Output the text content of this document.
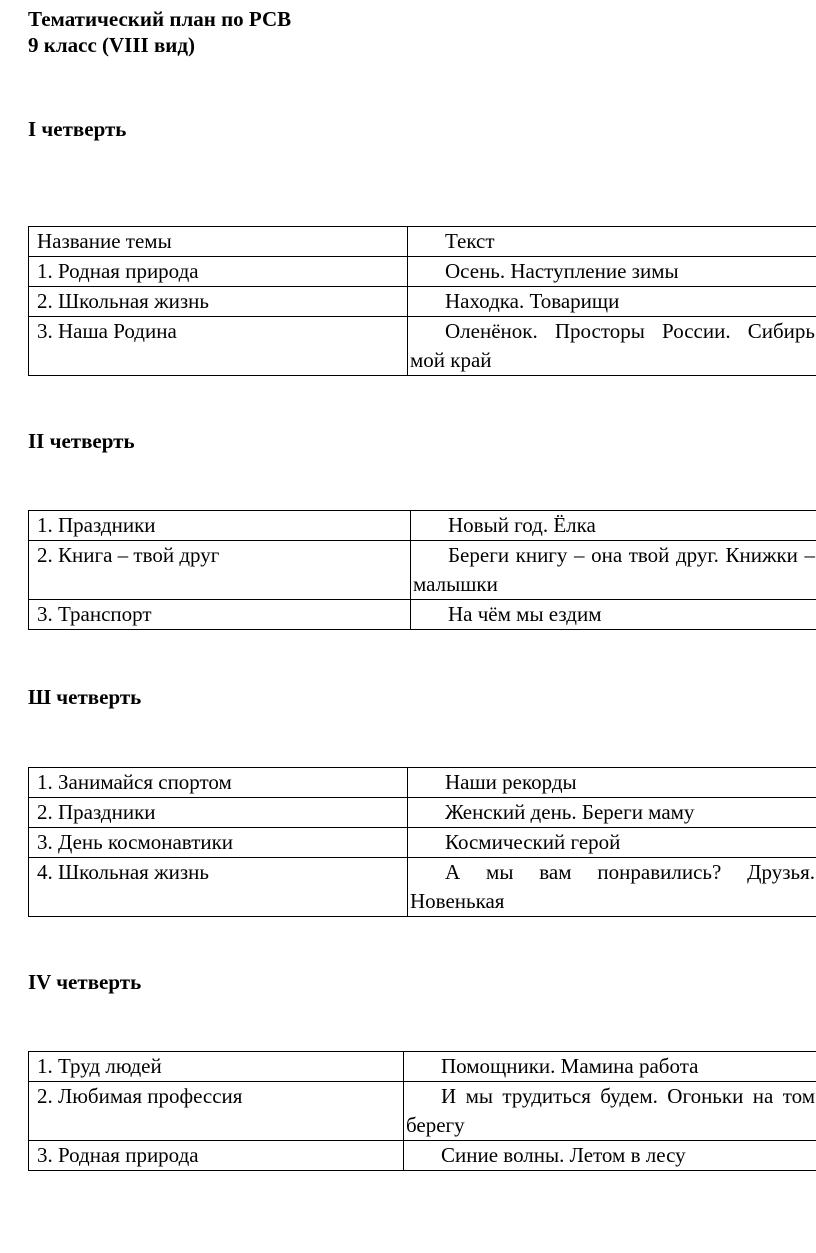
Тематический план по РСВ
9 класс (VIII вид)
I четверть
Название темы	Текст
1. Родная природа	Осень. Наступление зимы
2. Школьная жизнь	Находка. Товарищи
3. Наша Родина	Оленёнок. Просторы России. Сибирь мой край
II четверть
1. Праздники	Новый год. Ёлка
2. Книга – твой друг	Береги книгу – она твой друг. Книжки – малышки
3. Транспорт	На чём мы ездим
Ш четверть
1. Занимайся спортом	Наши рекорды
2. Праздники	Женский день. Береги маму
3. День космонавтики	Космический герой
4. Школьная жизнь	А мы вам понравились? Друзья. Новенькая
IV четверть
1. Труд людей	Помощники. Мамина работа
2. Любимая профессия	И мы трудиться будем. Огоньки на том берегу
3. Родная природа	Синие волны. Летом в лесу
